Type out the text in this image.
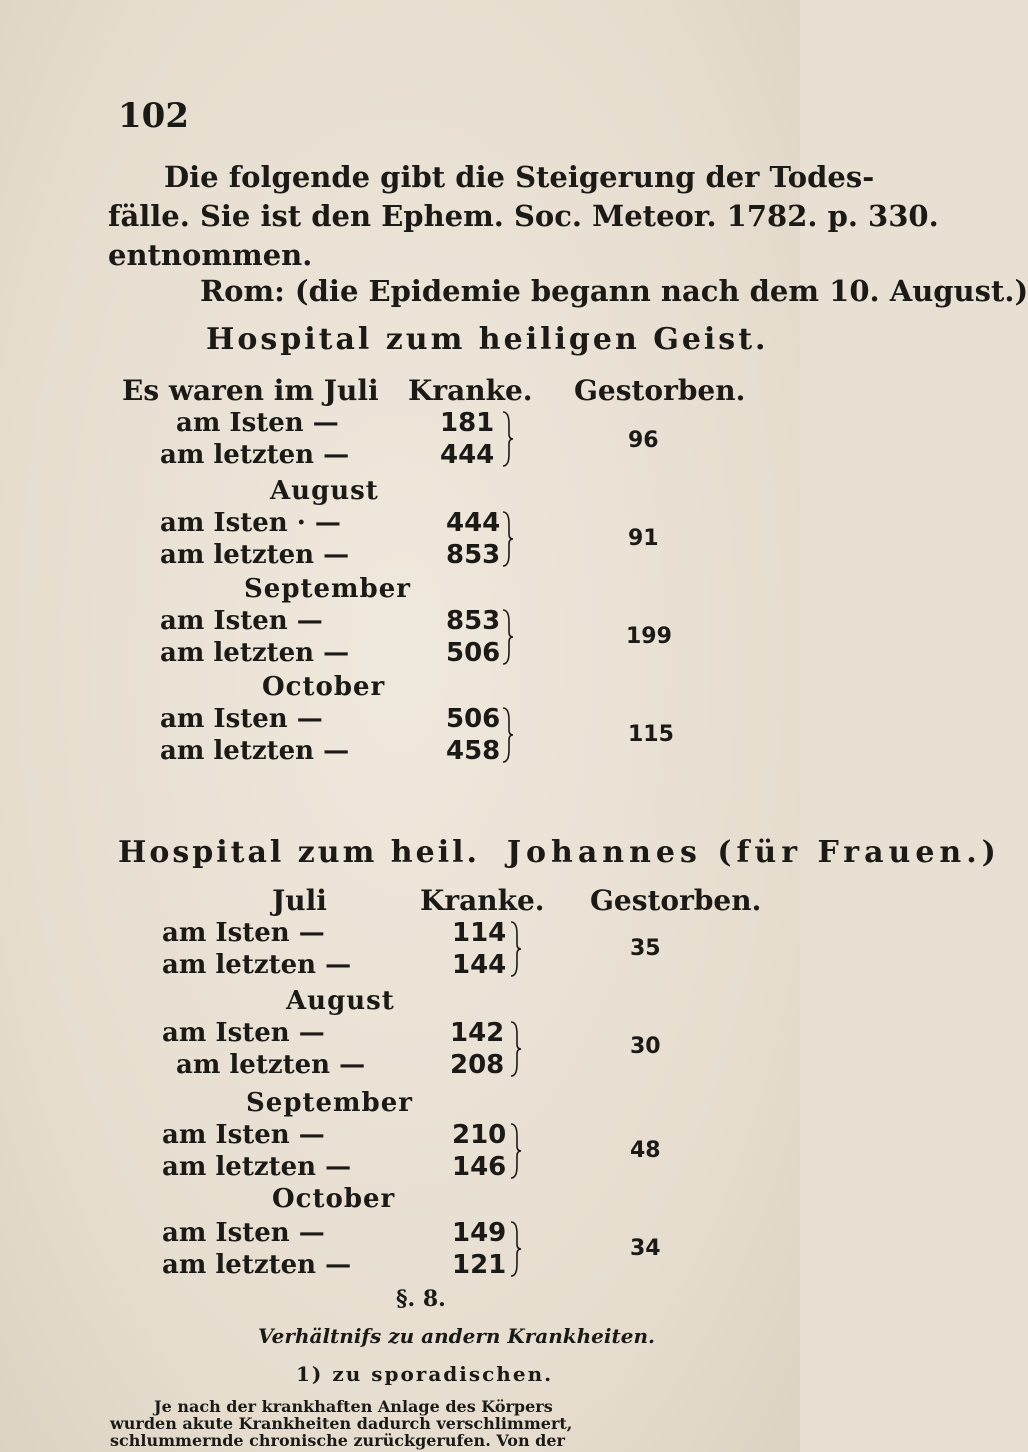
102
Die folgende gibt die Steigerung der Todes-
fälle. Sie ist den Ephem. Soc. Meteor. 1782. p. 330.
entnommen.
Rom: (die Epidemie begann nach dem 10. August.)
Hospital zum heiligen Geist.
Es waren im Juli Kranke. Gestorben.
am Isten —
am letzten —
181
444	96
August
am Isten · —
am letzten —
444
853
91
September
am Isten —
am letzten —
853
506
199
October
am Isten —
am letzten —
506
458
115
Hospital zum heil. Johannes (für Frauen.)
Juli	Kranke. Gestorben.
am Isten —
am letzten —
114
144
35
August
am Isten —
am letzten —
142
208
30
September
am Isten —
am letzten —
210
146
48
§. 8.
Verhältnifs zu andern Krankheiten.
1) zu sporadischen.
Je nach der krankhaften Anlage des Körpers
wurden akute Krankheiten dadurch verschlimmert,
schlummernde chronische zurückgerufen. Von der
October
am Isten —
am letzten —
149
121
34
